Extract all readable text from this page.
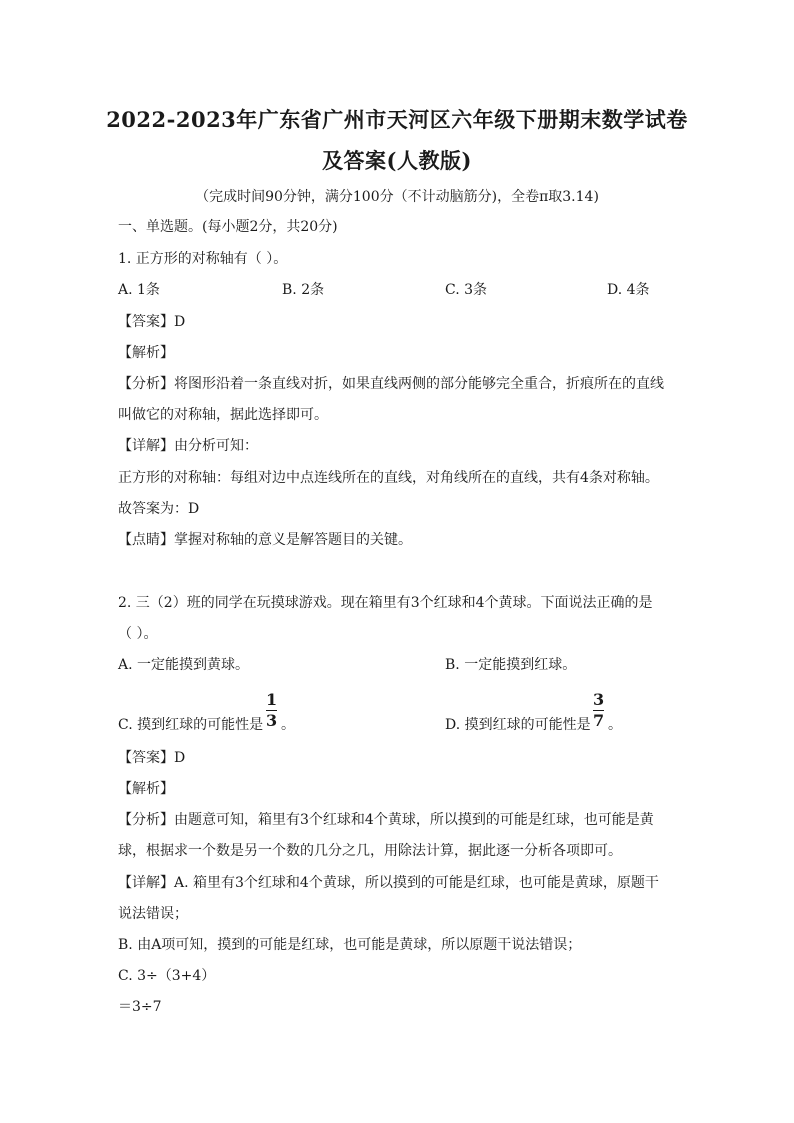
2022-2023年广东省广州市天河区六年级下册期末数学试卷
及答案(人教版)
（完成时间90分钟，满分100分（不计动脑筋分)，全卷π取3.14)
一、单选题。(每小题2分，共20分)
1. 正方形的对称轴有（ ）。
A. 1条	B. 2条	C. 3条	D. 4条
【答案】D
【解析】
【分析】将图形沿着一条直线对折，如果直线两侧的部分能够完全重合，折痕所在的直线
叫做它的对称轴，据此选择即可。
【详解】由分析可知：
正方形的对称轴：每组对边中点连线所在的直线，对角线所在的直线，共有4条对称轴。
故答案为：D
【点睛】掌握对称轴的意义是解答题目的关键。
2. 三（2）班的同学在玩摸球游戏。现在箱里有3个红球和4个黄球。下面说法正确的是
（ ）。
A. 一定能摸到黄球。	B. 一定能摸到红球。
C. 摸到红球的可能性是
1
3 。	D. 摸到红球的可能性是
3
7 。
【答案】D
【解析】
【分析】由题意可知，箱里有3个红球和4个黄球，所以摸到的可能是红球，也可能是黄
球，根据求一个数是另一个数的几分之几，用除法计算，据此逐一分析各项即可。
【详解】A. 箱里有3个红球和4个黄球，所以摸到的可能是红球，也可能是黄球，原题干
说法错误；
B. 由A项可知，摸到的可能是红球，也可能是黄球，所以原题干说法错误；
C. 3÷（3+4）
＝3÷7
